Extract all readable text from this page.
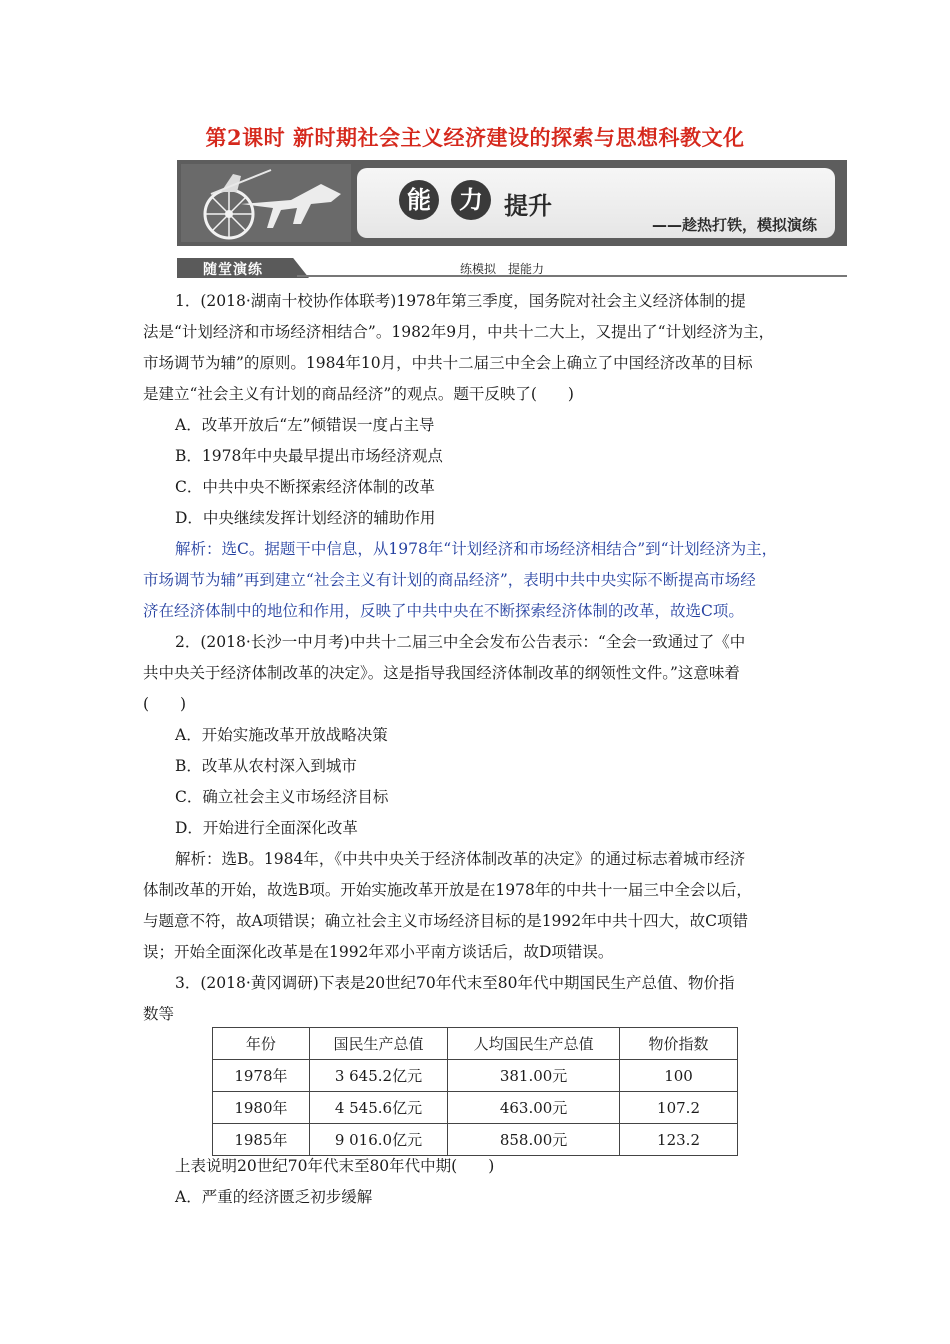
第2课时 新时期社会主义经济建设的探索与思想科教文化
能	力 提升
——趁热打铁，模拟演练
随堂演练	练模拟　提能力
1．(2018·湖南十校协作体联考)1978年第三季度，国务院对社会主义经济体制的提
法是“计划经济和市场经济相结合”。1982年9月，中共十二大上，又提出了“计划经济为主，
市场调节为辅”的原则。1984年10月，中共十二届三中全会上确立了中国经济改革的目标
是建立“社会主义有计划的商品经济”的观点。题干反映了(　　)
A．改革开放后“左”倾错误一度占主导
B．1978年中央最早提出市场经济观点
C．中共中央不断探索经济体制的改革
D．中央继续发挥计划经济的辅助作用
解析：选C。据题干中信息，从1978年“计划经济和市场经济相结合”到“计划经济为主，
市场调节为辅”再到建立“社会主义有计划的商品经济”，表明中共中央实际不断提高市场经
济在经济体制中的地位和作用，反映了中共中央在不断探索经济体制的改革，故选C项。
2．(2018·长沙一中月考)中共十二届三中全会发布公告表示：“全会一致通过了《中
共中央关于经济体制改革的决定》。这是指导我国经济体制改革的纲领性文件。”这意味着
(　　)
A．开始实施改革开放战略决策
B．改革从农村深入到城市
C．确立社会主义市场经济目标
D．开始进行全面深化改革
解析：选B。1984年，《中共中央关于经济体制改革的决定》的通过标志着城市经济
体制改革的开始，故选B项。开始实施改革开放是在1978年的中共十一届三中全会以后，
与题意不符，故A项错误；确立社会主义市场经济目标的是1992年中共十四大，故C项错
误；开始全面深化改革是在1992年邓小平南方谈话后，故D项错误。
3．(2018·黄冈调研)下表是20世纪70年代末至80年代中期国民生产总值、物价指
数等
年份	国民生产总值	人均国民生产总值	物价指数
1978年	3 645.2亿元	381.00元	100
1980年	4 545.6亿元	463.00元	107.2
1985年	9 016.0亿元	858.00元	123.2
上表说明20世纪70年代末至80年代中期(　　)
A．严重的经济匮乏初步缓解
